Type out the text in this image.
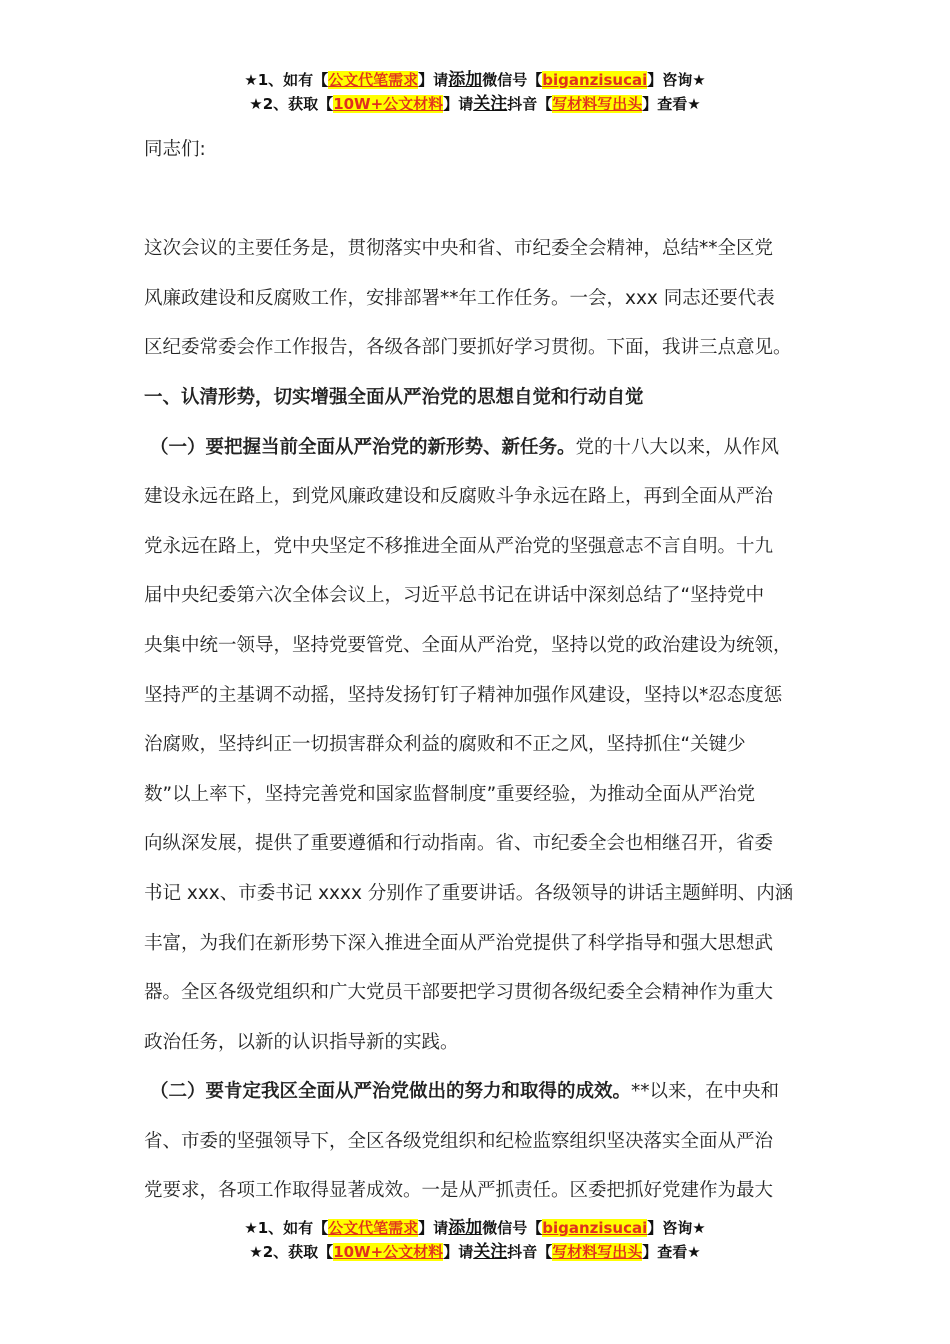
★1、如有【公文代笔需求】请添加微信号【biganzisucai】咨询★
★2、获取【10W+公文材料】请关注抖音【写材料写出头】查看★

同志们:

这次会议的主要任务是，贯彻落实中央和省、市纪委全会精神，总结**全区党

风廉政建设和反腐败工作，安排部署**年工作任务。一会，xxx 同志还要代表

区纪委常委会作工作报告，各级各部门要抓好学习贯彻。下面，我讲三点意见。

一、认清形势，切实增强全面从严治党的思想自觉和行动自觉

（一）要把握当前全面从严治党的新形势、新任务。党的十八大以来，从作风

建设永远在路上，到党风廉政建设和反腐败斗争永远在路上，再到全面从严治

党永远在路上，党中央坚定不移推进全面从严治党的坚强意志不言自明。十九

届中央纪委第六次全体会议上，习近平总书记在讲话中深刻总结了“坚持党中

央集中统一领导，坚持党要管党、全面从严治党，坚持以党的政治建设为统领，

坚持严的主基调不动摇，坚持发扬钉钉子精神加强作风建设，坚持以*忍态度惩

治腐败，坚持纠正一切损害群众利益的腐败和不正之风，坚持抓住“关键少

数”以上率下，坚持完善党和国家监督制度”重要经验，为推动全面从严治党

向纵深发展，提供了重要遵循和行动指南。省、市纪委全会也相继召开，省委

书记 xxx、市委书记 xxxx 分别作了重要讲话。各级领导的讲话主题鲜明、内涵

丰富，为我们在新形势下深入推进全面从严治党提供了科学指导和强大思想武

器。全区各级党组织和广大党员干部要把学习贯彻各级纪委全会精神作为重大

政治任务，以新的认识指导新的实践。

（二）要肯定我区全面从严治党做出的努力和取得的成效。**以来，在中央和

省、市委的坚强领导下，全区各级党组织和纪检监察组织坚决落实全面从严治

党要求，各项工作取得显著成效。一是从严抓责任。区委把抓好党建作为最大

★1、如有【公文代笔需求】请添加微信号【biganzisucai】咨询★
★2、获取【10W+公文材料】请关注抖音【写材料写出头】查看★
